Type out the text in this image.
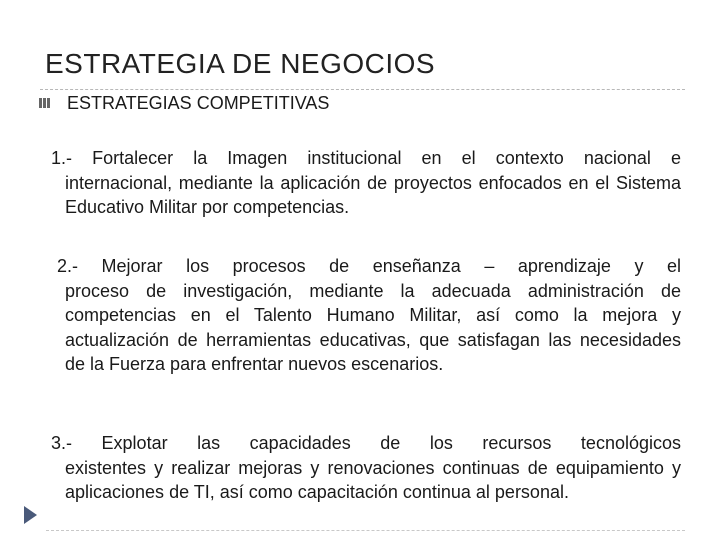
ESTRATEGIA DE NEGOCIOS
ESTRATEGIAS COMPETITIVAS
1.- Fortalecer la Imagen institucional en el contexto nacional e
internacional, mediante la aplicación de proyectos enfocados en el Sistema Educativo Militar por competencias.
2.- Mejorar los procesos de enseñanza – aprendizaje y el
proceso de investigación, mediante la adecuada administración de competencias en el Talento Humano Militar, así como la mejora y actualización de herramientas educativas, que satisfagan las necesidades de la Fuerza para enfrentar nuevos escenarios.
3.- Explotar las capacidades de los recursos tecnológicos
existentes y realizar mejoras y renovaciones continuas de equipamiento y aplicaciones de TI, así como capacitación continua al personal.
